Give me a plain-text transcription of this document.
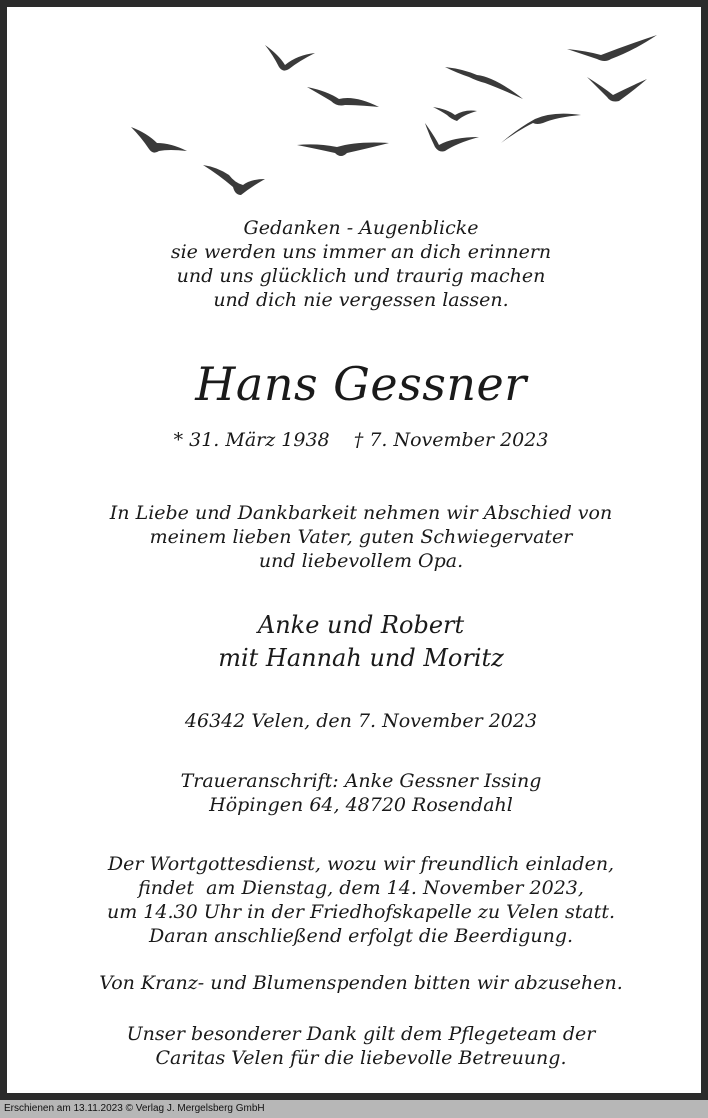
Gedanken - Augenblicke
sie werden uns immer an dich erinnern
und uns glücklich und traurig machen
und dich nie vergessen lassen.
Hans Gessner
* 31. März 1938    † 7. November 2023
In Liebe und Dankbarkeit nehmen wir Abschied von
meinem lieben Vater, guten Schwiegervater
und liebevollem Opa.
Anke und Robert
mit Hannah und Moritz
46342 Velen, den 7. November 2023
Traueranschrift: Anke Gessner Issing
Höpingen 64, 48720 Rosendahl
Der Wortgottesdienst, wozu wir freundlich einladen,
findet  am Dienstag, dem 14. November 2023,
um 14.30 Uhr in der Friedhofskapelle zu Velen statt.
Daran anschließend erfolgt die Beerdigung.
Von Kranz- und Blumenspenden bitten wir abzusehen.
Unser besonderer Dank gilt dem Pflegeteam der
Caritas Velen für die liebevolle Betreuung.
Erschienen am 13.11.2023 © Verlag J. Mergelsberg GmbH
